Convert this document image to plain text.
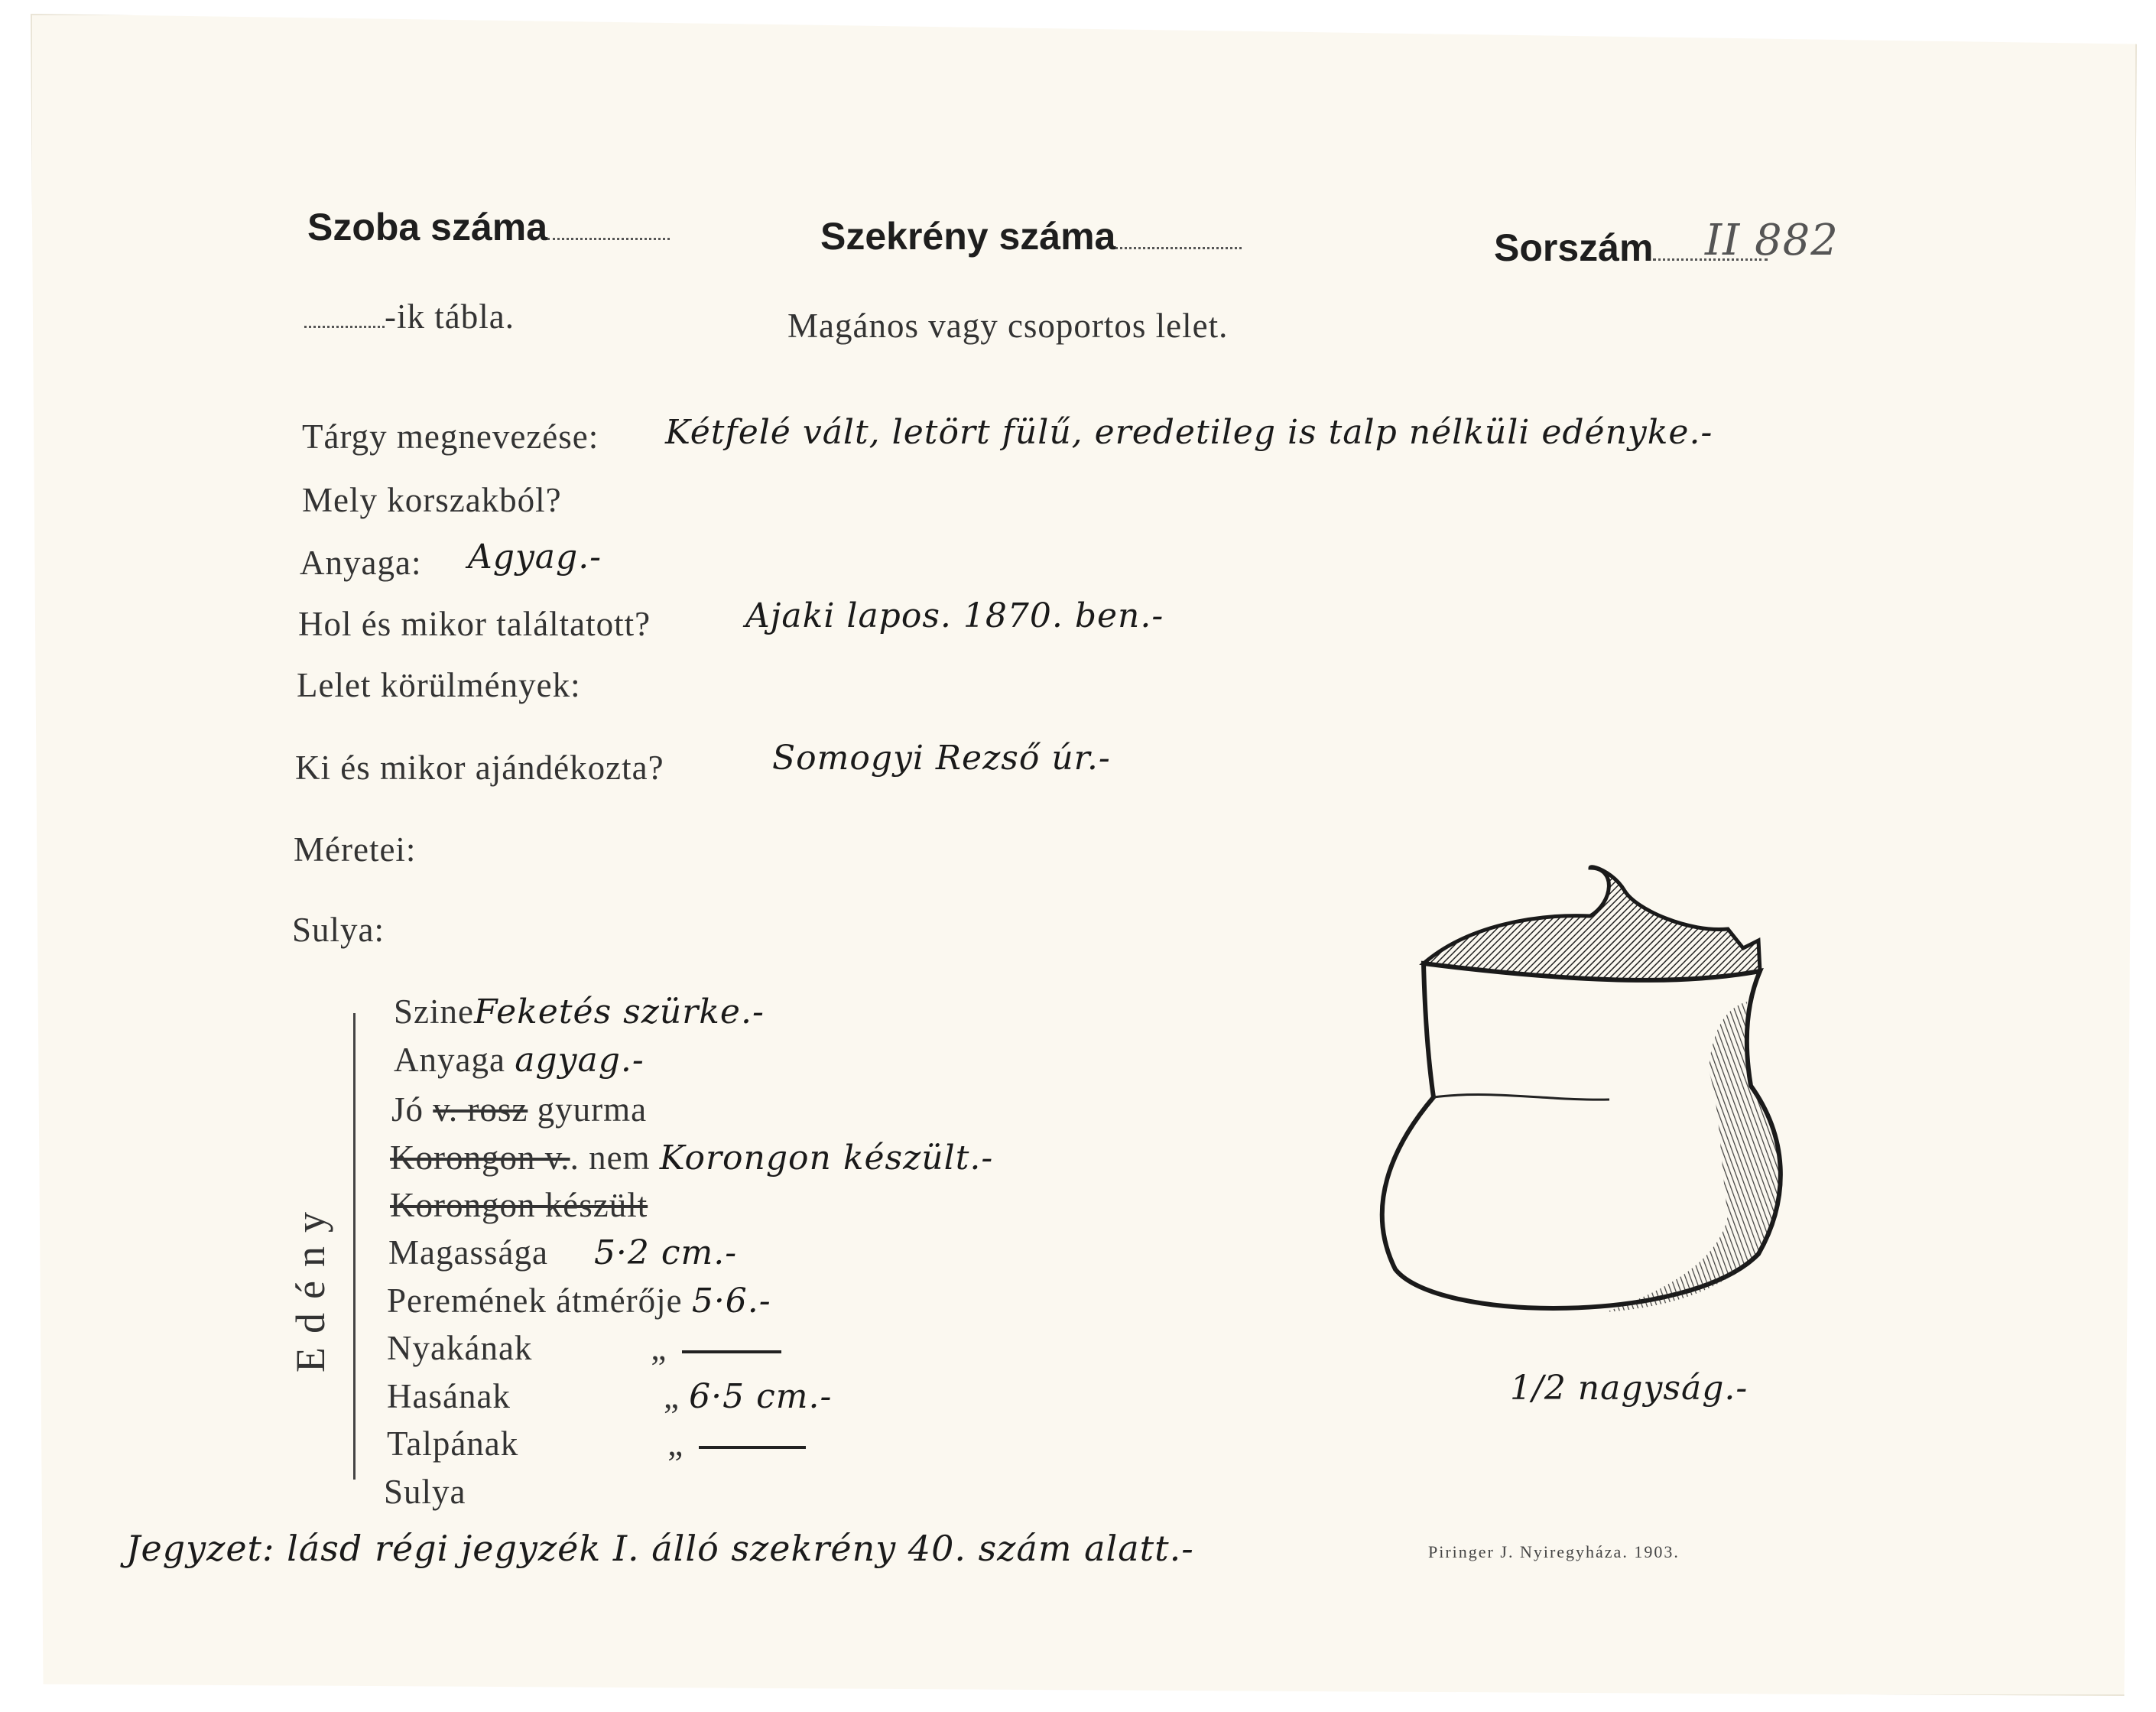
Szoba száma	Szekrény száma	Sorszám	II 882
-ik tábla.	Magános vagy csoportos lelet.
Tárgy megnevezése: Kétfelé vált, letört fülű, eredetileg is talp nélküli edényke.-
Mely korszakból?
Anyaga: Agyag.-
Hol és mikor találtatott?	Ajaki lapos. 1870. ben.-
Lelet körülmények:
Ki és mikor ajándékozta?	Somogyi Rezső úr.-
Méretei:
Sulya:
Edény
SzineFeketés szürke.-
Anyaga agyag.-
Jó v. rosz gyurma
Korongon v.. nem Korongon készült.-
Korongon készült
Magassága 5·2 cm.-
Peremének átmérője 5·6.-
Nyakának	„
Hasának	„ 6·5 cm.-
Talpának	„
Sulya
1/2 nagyság.-
Jegyzet: lásd régi jegyzék I. álló szekrény 40. szám alatt.-	Piringer J. Nyiregyháza. 1903.
